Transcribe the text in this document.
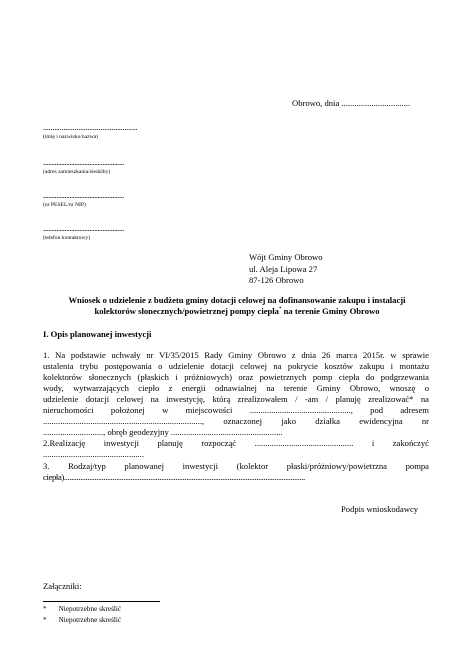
Obrowo, dnia ................................
...................................................
(imię i nazwisko/nazwa)
.................................................
(adres zamieszkania/siedziby)
.................................................
(nr PESEL/nr NIP)
.................................................
(telefon kontaktowy)
Wójt Gminy Obrowo
ul. Aleja Lipowa 27
87-126 Obrowo
Wniosek o udzielenie z budżetu gminy dotacji celowej na dofinansowanie zakupu i instalacji
kolektorów słonecznych/powietrznej pompy ciepła* na terenie Gminy Obrowo
I. Opis planowanej inwestycji
1. Na podstawie uchwały nr VI/35/2015 Rady Gminy Obrowo z dnia 26 marca 2015r. w sprawie
ustalenia trybu postępowania o udzielenie dotacji celowej na pokrycie kosztów zakupu i montażu
kolektorów słonecznych (płaskich i próżniowych) oraz powietrznych pomp ciepła do podgrzewania
wody, wytwarzających ciepło z energii odnawialnej na terenie Gminy Obrowo, wnoszę o
udzielenie dotacji celowej na inwestycję, którą zrealizowałem / -am / planuję zrealizować* na
nieruchomości położonej w miejscowości ..............................................., pod adresem
.........................................................................., oznaczonej jako działka ewidencyjna nr
............................, obręb geodezyjny ....................................................
2.Realizację inwestycji planuję rozpocząć .............................................. i zakończyć
...............................................
3. Rodzaj/typ planowanej inwestycji (kolektor płaski/próżniowy/powietrzna pompa
ciepła)......................................................................................................................................
Podpis wnioskodawcy
Załączniki:
* Niepotrzebne skreślić
* Niepotrzebne skreślić
